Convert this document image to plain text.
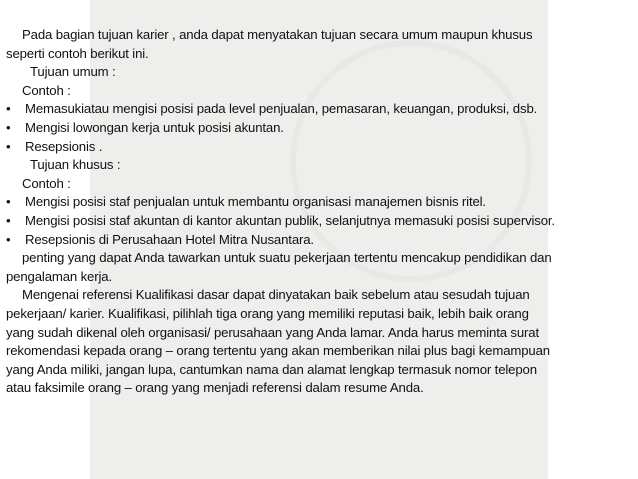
Pada bagian tujuan karier , anda dapat menyatakan tujuan secara umum maupun khusus
seperti contoh berikut ini.
Tujuan umum :
Contoh :
• Memasukiatau mengisi posisi pada level penjualan, pemasaran, keuangan, produksi, dsb.
• Mengisi lowongan kerja untuk posisi akuntan.
• Resepsionis .
Tujuan khusus :
Contoh :
• Mengisi posisi staf penjualan untuk membantu organisasi manajemen bisnis ritel.
• Mengisi posisi staf akuntan di kantor akuntan publik, selanjutnya memasuki posisi supervisor.
• Resepsionis di Perusahaan Hotel Mitra Nusantara.
penting yang dapat Anda tawarkan untuk suatu pekerjaan tertentu mencakup pendidikan dan
pengalaman kerja.
Mengenai referensi Kualifikasi dasar dapat dinyatakan baik sebelum atau sesudah tujuan
pekerjaan/ karier. Kualifikasi, pilihlah tiga orang yang memiliki reputasi baik, lebih baik orang
yang sudah dikenal oleh organisasi/ perusahaan yang Anda lamar. Anda harus meminta surat
rekomendasi kepada orang – orang tertentu yang akan memberikan nilai plus bagi kemampuan
yang Anda miliki, jangan lupa, cantumkan nama dan alamat lengkap termasuk nomor telepon
atau faksimile orang – orang yang menjadi referensi dalam resume Anda.
